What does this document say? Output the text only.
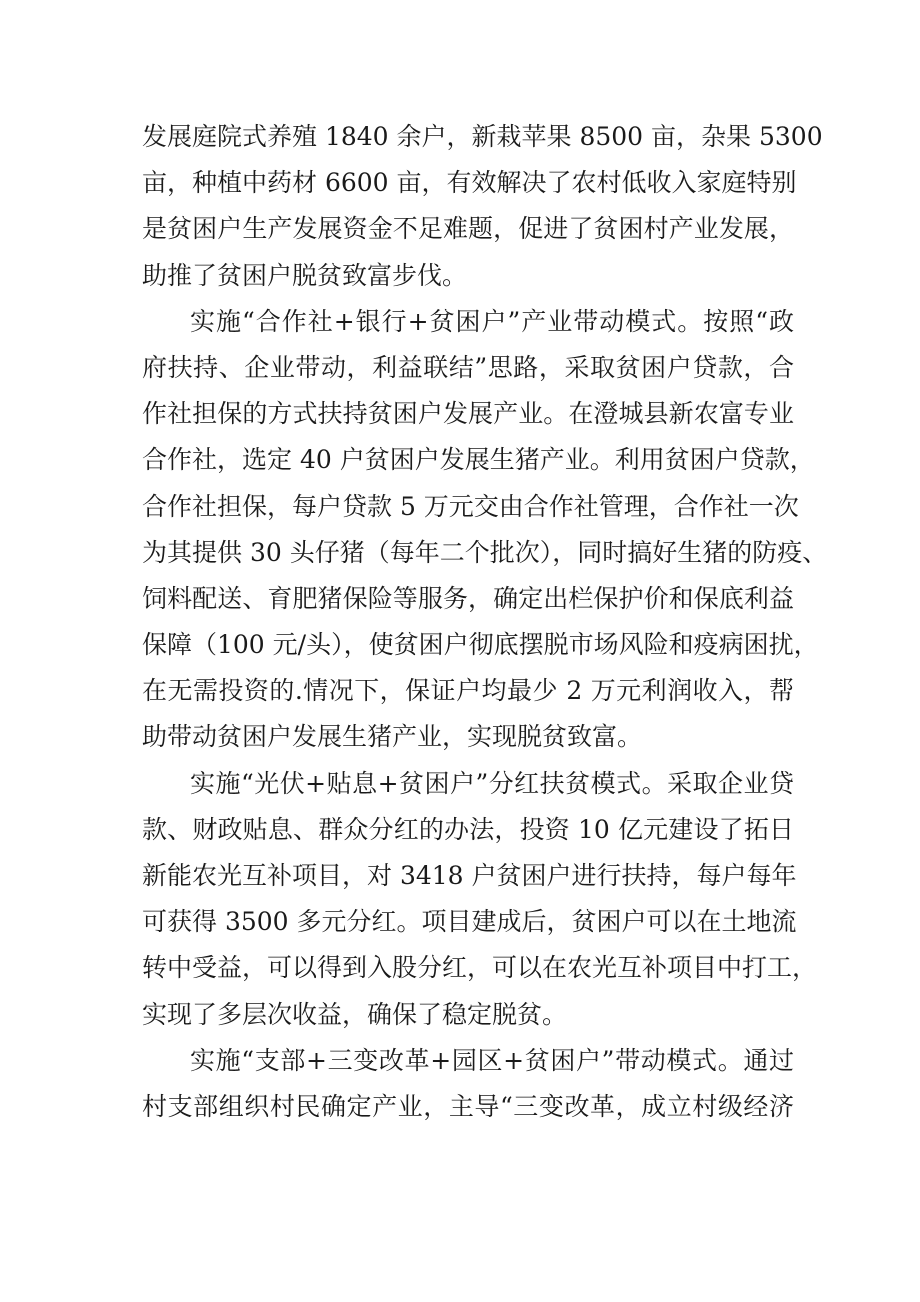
发展庭院式养殖 1840 余户，新栽苹果 8500 亩，杂果 5300
亩，种植中药材 6600 亩，有效解决了农村低收入家庭特别
是贫困户生产发展资金不足难题，促进了贫困村产业发展，
助推了贫困户脱贫致富步伐。
实施“合作社+银行+贫困户”产业带动模式。按照“政
府扶持、企业带动，利益联结”思路，采取贫困户贷款，合
作社担保的方式扶持贫困户发展产业。在澄城县新农富专业
合作社，选定 40 户贫困户发展生猪产业。利用贫困户贷款，
合作社担保，每户贷款 5 万元交由合作社管理，合作社一次
为其提供 30 头仔猪（每年二个批次），同时搞好生猪的防疫、
饲料配送、育肥猪保险等服务，确定出栏保护价和保底利益
保障（100 元/头），使贫困户彻底摆脱市场风险和疫病困扰，
在无需投资的.情况下，保证户均最少 2 万元利润收入，帮
助带动贫困户发展生猪产业，实现脱贫致富。
实施“光伏+贴息+贫困户”分红扶贫模式。采取企业贷
款、财政贴息、群众分红的办法，投资 10 亿元建设了拓日
新能农光互补项目，对 3418 户贫困户进行扶持，每户每年
可获得 3500 多元分红。项目建成后，贫困户可以在土地流
转中受益，可以得到入股分红，可以在农光互补项目中打工，
实现了多层次收益，确保了稳定脱贫。
实施“支部+三变改革+园区+贫困户”带动模式。通过
村支部组织村民确定产业，主导“三变改革，成立村级经济
